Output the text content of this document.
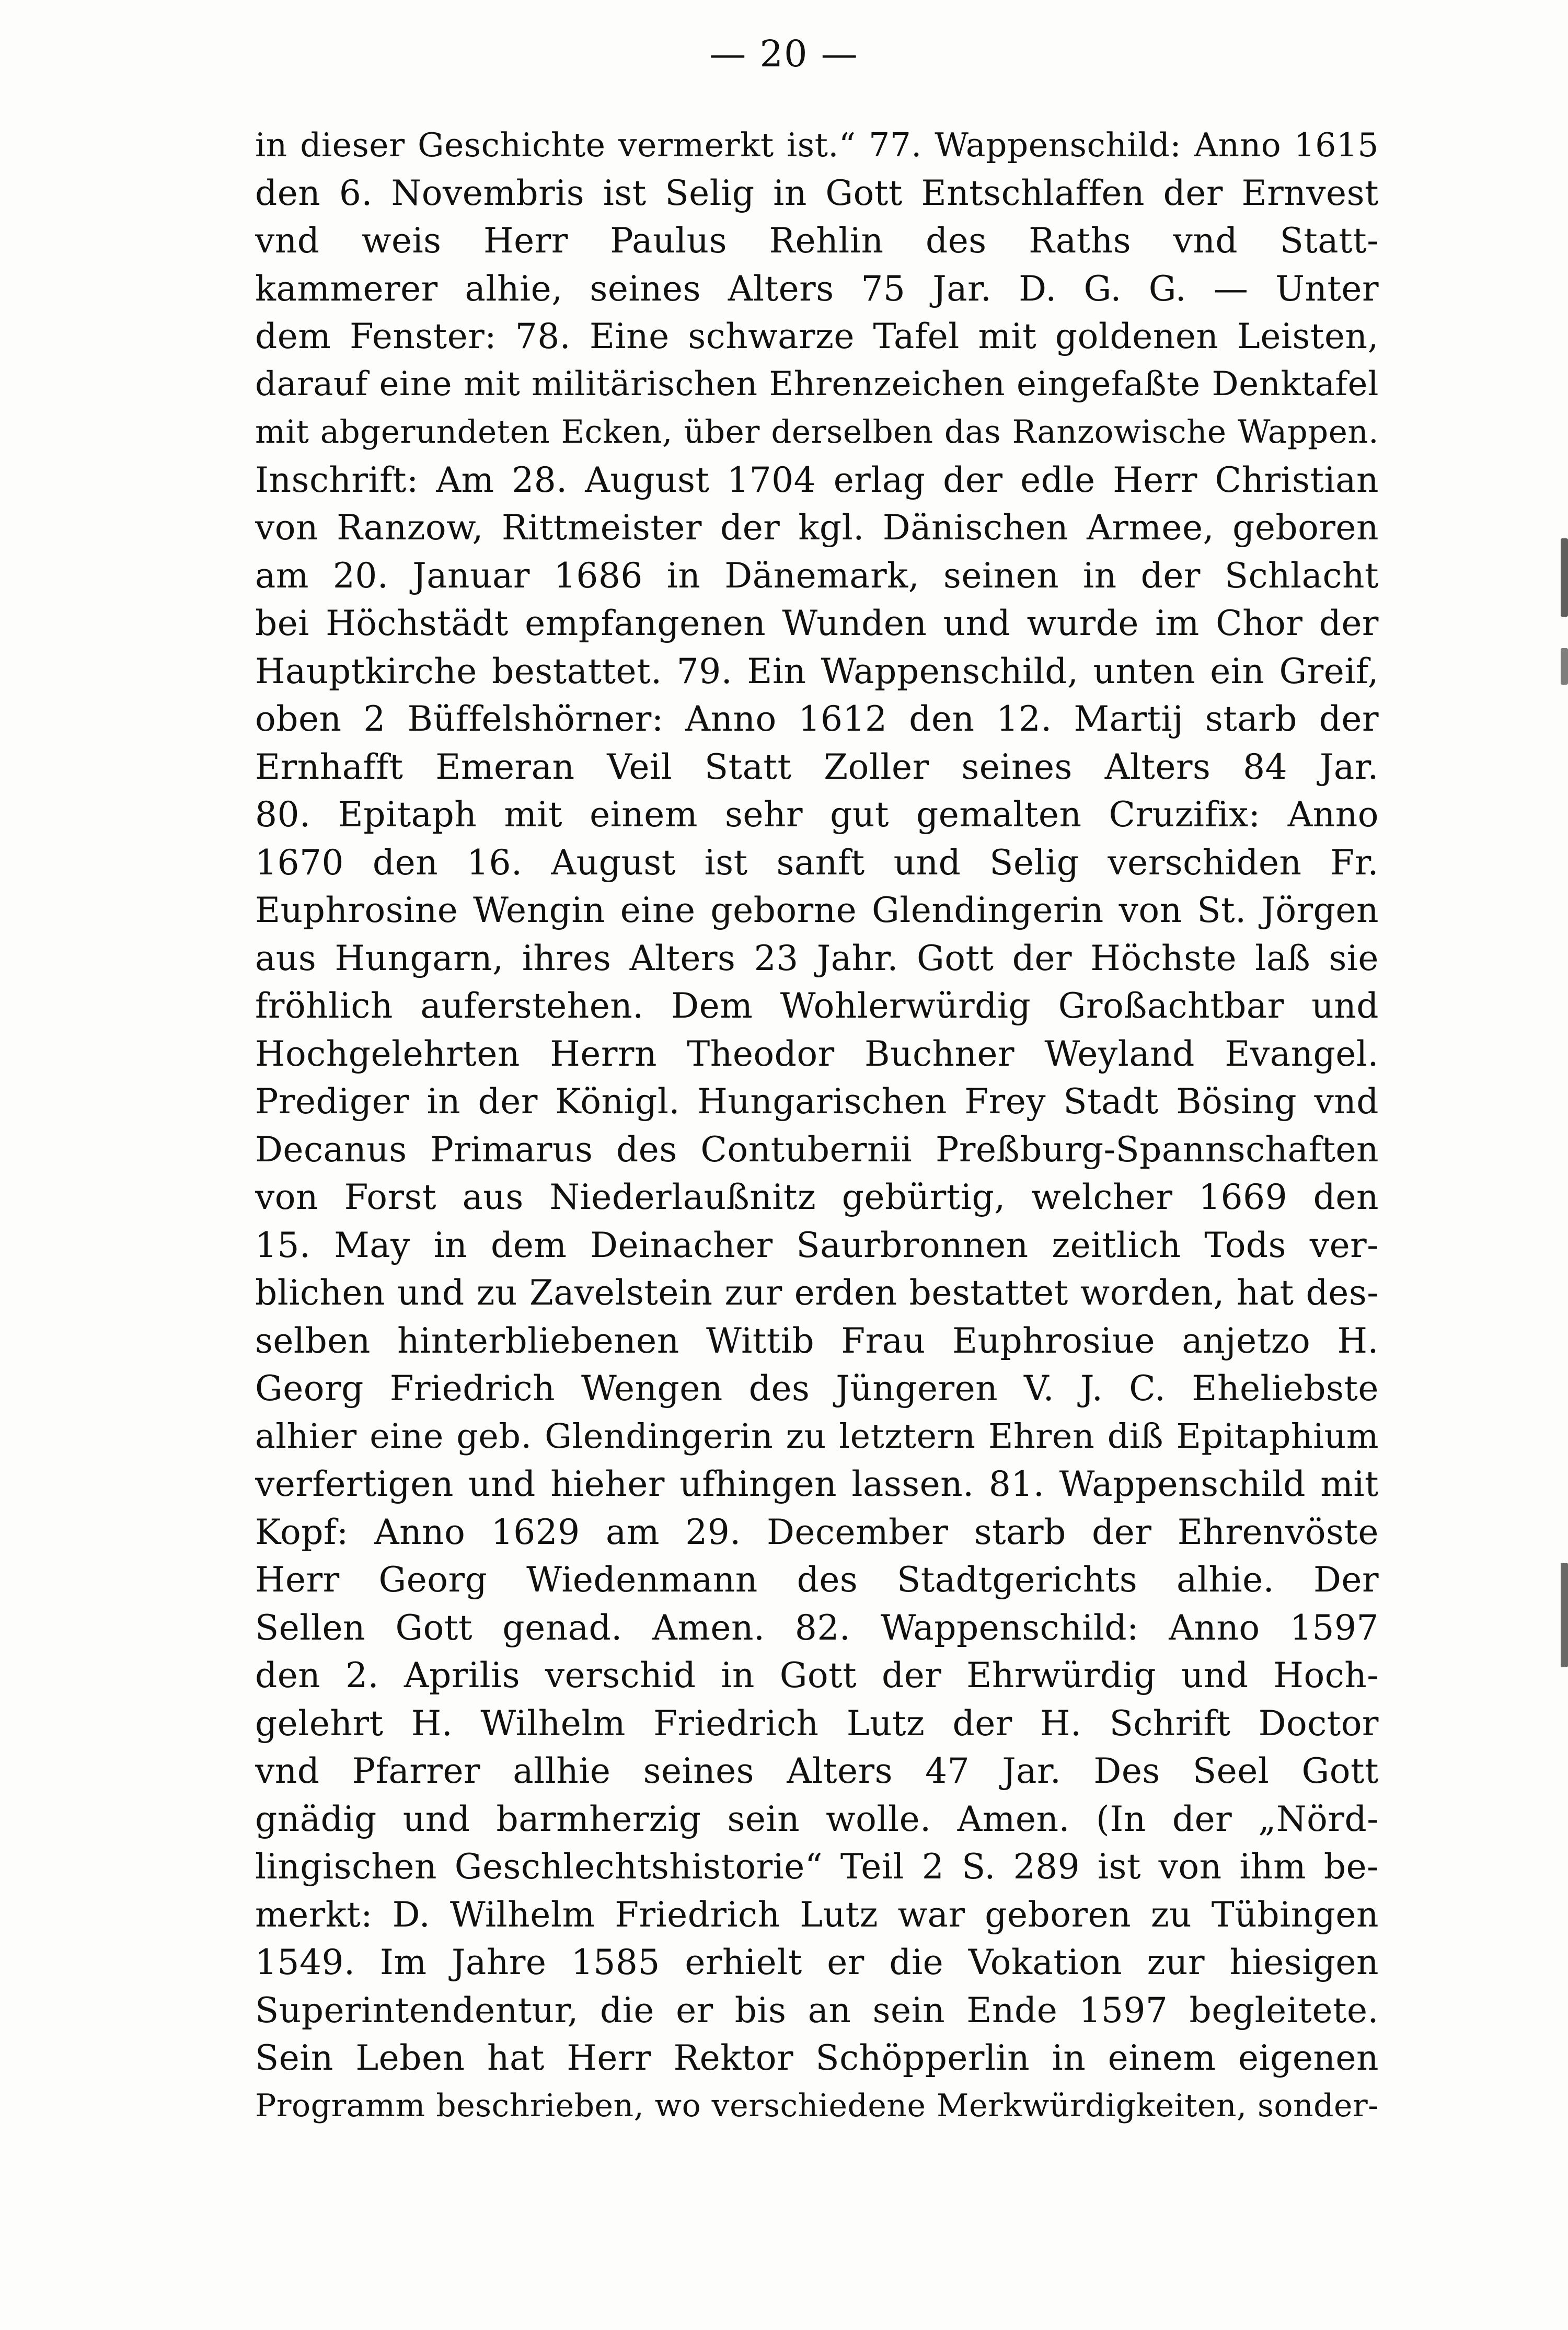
— 20 —
in dieser Geschichte vermerkt ist.“ 77. Wappenschild: Anno 1615
den 6. Novembris ist Selig in Gott Entschlaffen der Ernvest
vnd weis Herr Paulus Rehlin des Raths vnd Statt-
kammerer alhie, seines Alters 75 Jar. D. G. G. — Unter
dem Fenster: 78. Eine schwarze Tafel mit goldenen Leisten,
darauf eine mit militärischen Ehrenzeichen eingefaßte Denktafel
mit abgerundeten Ecken, über derselben das Ranzowische Wappen.
Inschrift: Am 28. August 1704 erlag der edle Herr Christian
von Ranzow, Rittmeister der kgl. Dänischen Armee, geboren
am 20. Januar 1686 in Dänemark, seinen in der Schlacht
bei Höchstädt empfangenen Wunden und wurde im Chor der
Hauptkirche bestattet. 79. Ein Wappenschild, unten ein Greif,
oben 2 Büffelshörner: Anno 1612 den 12. Martij starb der
Ernhafft Emeran Veil Statt Zoller seines Alters 84 Jar.
80. Epitaph mit einem sehr gut gemalten Cruzifix: Anno
1670 den 16. August ist sanft und Selig verschiden Fr.
Euphrosine Wengin eine geborne Glendingerin von St. Jörgen
aus Hungarn, ihres Alters 23 Jahr. Gott der Höchste laß sie
fröhlich auferstehen. Dem Wohlerwürdig Großachtbar und
Hochgelehrten Herrn Theodor Buchner Weyland Evangel.
Prediger in der Königl. Hungarischen Frey Stadt Bösing vnd
Decanus Primarus des Contubernii Preßburg-Spannschaften
von Forst aus Niederlaußnitz gebürtig, welcher 1669 den
15. May in dem Deinacher Saurbronnen zeitlich Tods ver-
blichen und zu Zavelstein zur erden bestattet worden, hat des-
selben hinterbliebenen Wittib Frau Euphrosiue anjetzo H.
Georg Friedrich Wengen des Jüngeren V. J. C. Eheliebste
alhier eine geb. Glendingerin zu letztern Ehren diß Epitaphium
verfertigen und hieher ufhingen lassen. 81. Wappenschild mit
Kopf: Anno 1629 am 29. December starb der Ehrenvöste
Herr Georg Wiedenmann des Stadtgerichts alhie. Der
Sellen Gott genad. Amen. 82. Wappenschild: Anno 1597
den 2. Aprilis verschid in Gott der Ehrwürdig und Hoch-
gelehrt H. Wilhelm Friedrich Lutz der H. Schrift Doctor
vnd Pfarrer allhie seines Alters 47 Jar. Des Seel Gott
gnädig und barmherzig sein wolle. Amen. (In der „Nörd-
lingischen Geschlechtshistorie“ Teil 2 S. 289 ist von ihm be-
merkt: D. Wilhelm Friedrich Lutz war geboren zu Tübingen
1549. Im Jahre 1585 erhielt er die Vokation zur hiesigen
Superintendentur, die er bis an sein Ende 1597 begleitete.
Sein Leben hat Herr Rektor Schöpperlin in einem eigenen
Programm beschrieben, wo verschiedene Merkwürdigkeiten, sonder-
